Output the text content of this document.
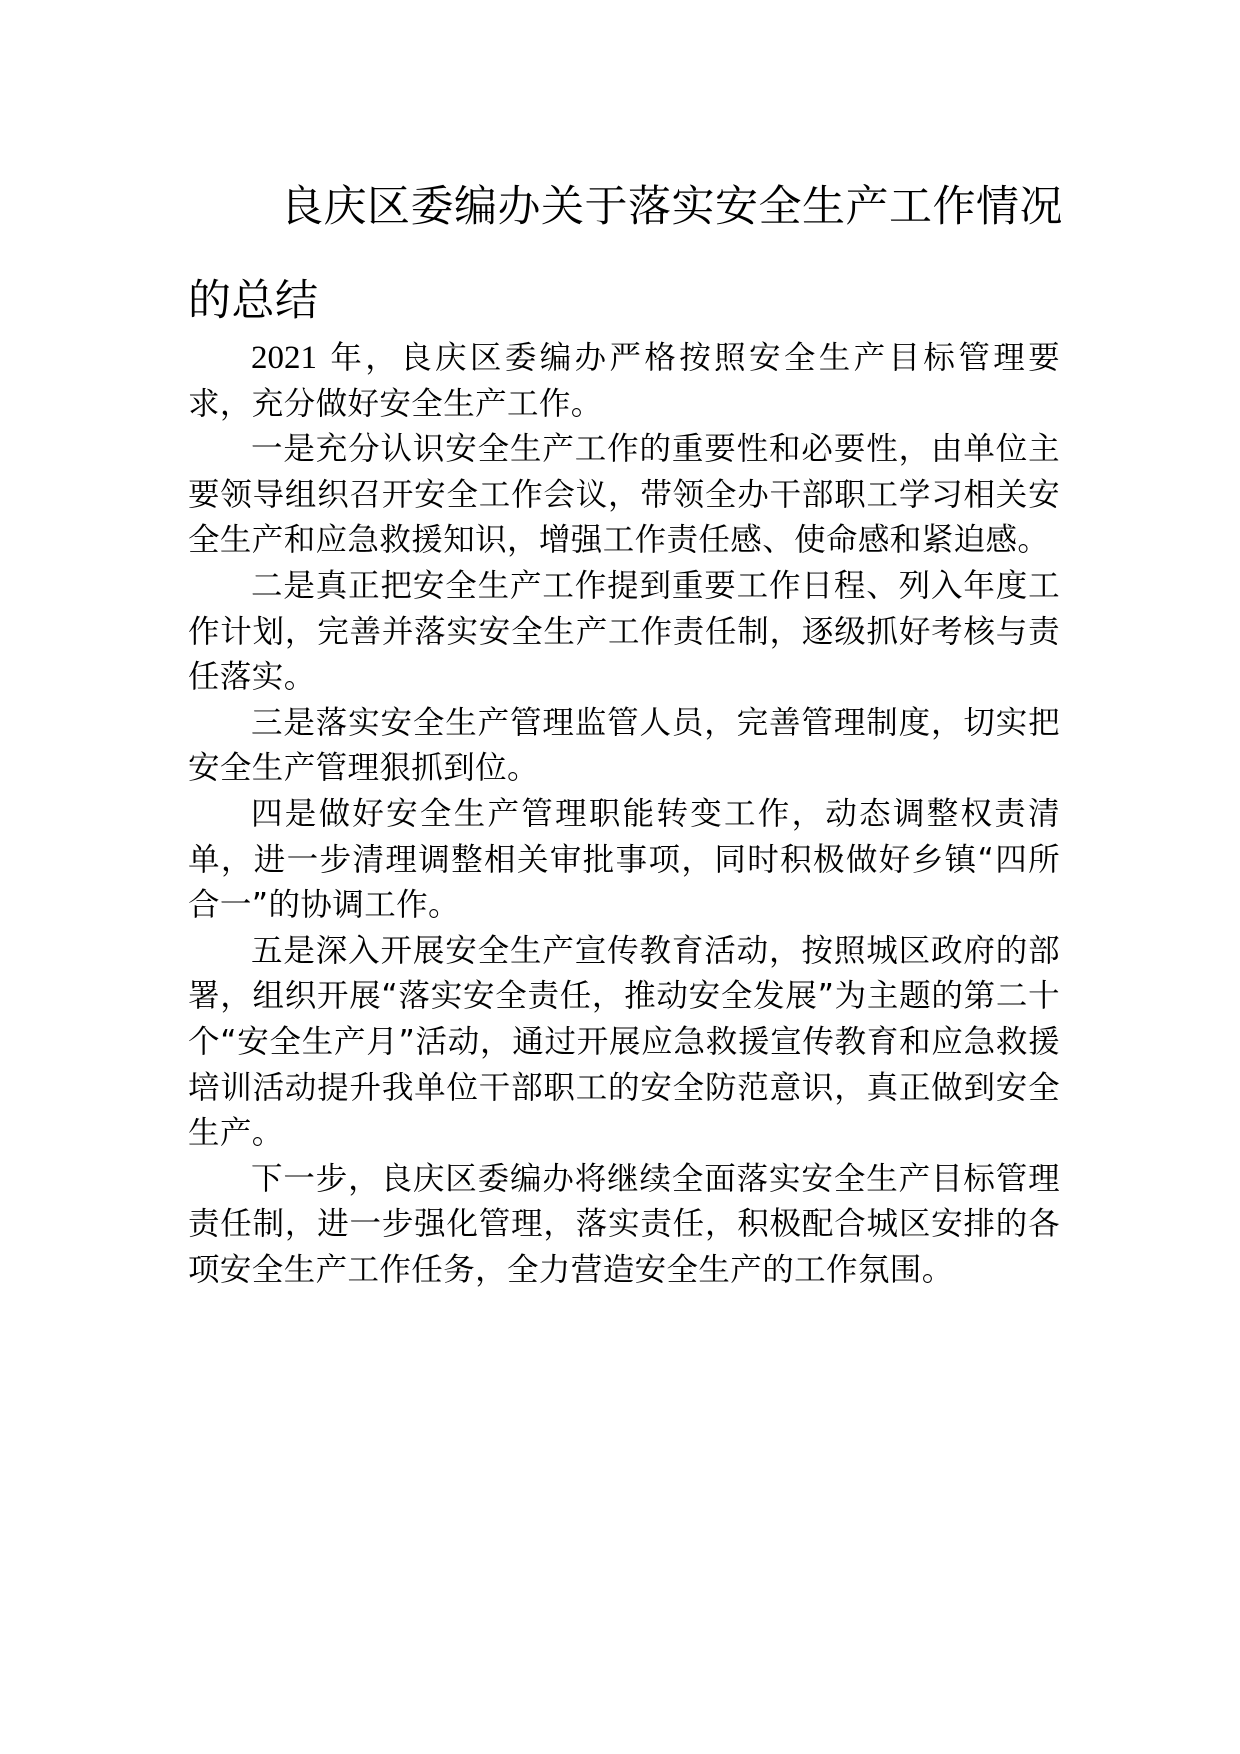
良庆区委编办关于落实安全生产工作情况的总结

2021 年，良庆区委编办严格按照安全生产目标管理要求，充分做好安全生产工作。

一是充分认识安全生产工作的重要性和必要性，由单位主要领导组织召开安全工作会议，带领全办干部职工学习相关安全生产和应急救援知识，增强工作责任感、使命感和紧迫感。

二是真正把安全生产工作提到重要工作日程、列入年度工作计划，完善并落实安全生产工作责任制，逐级抓好考核与责任落实。

三是落实安全生产管理监管人员，完善管理制度，切实把安全生产管理狠抓到位。

四是做好安全生产管理职能转变工作，动态调整权责清单，进一步清理调整相关审批事项，同时积极做好乡镇“四所合一”的协调工作。

五是深入开展安全生产宣传教育活动，按照城区政府的部署，组织开展“落实安全责任，推动安全发展”为主题的第二十个“安全生产月”活动，通过开展应急救援宣传教育和应急救援培训活动提升我单位干部职工的安全防范意识，真正做到安全生产。

下一步，良庆区委编办将继续全面落实安全生产目标管理责任制，进一步强化管理，落实责任，积极配合城区安排的各项安全生产工作任务，全力营造安全生产的工作氛围。
